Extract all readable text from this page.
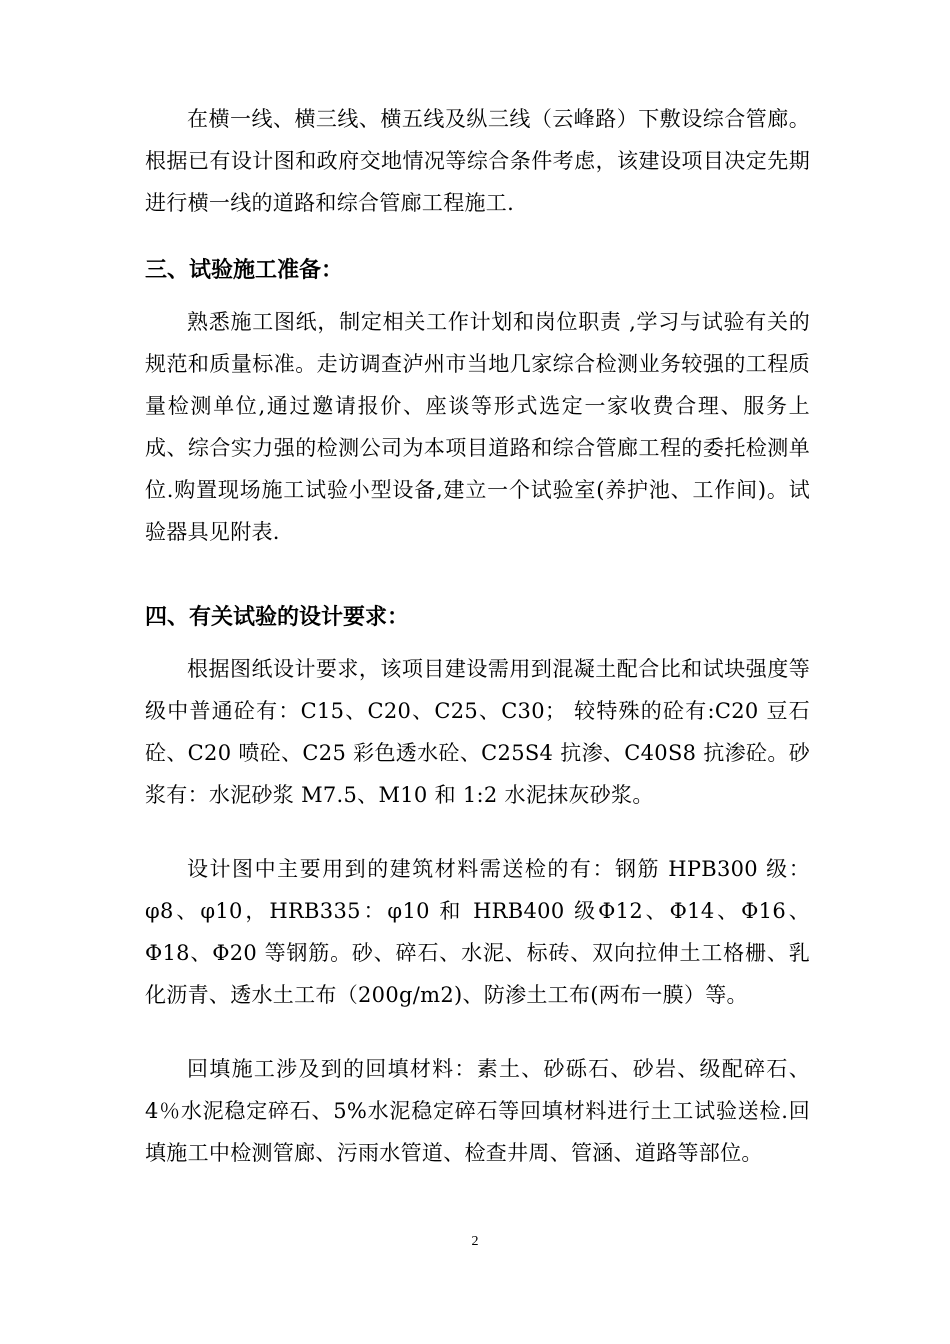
在横一线、横三线、横五线及纵三线（云峰路）下敷设综合管廊。根据已有设计图和政府交地情况等综合条件考虑，该建设项目决定先期进行横一线的道路和综合管廊工程施工.

三、试验施工准备：

熟悉施工图纸，制定相关工作计划和岗位职责 ,学习与试验有关的规范和质量标准。走访调查泸州市当地几家综合检测业务较强的工程质量检测单位,通过邀请报价、座谈等形式选定一家收费合理、服务上成、综合实力强的检测公司为本项目道路和综合管廊工程的委托检测单位.购置现场施工试验小型设备,建立一个试验室(养护池、工作间)。试验器具见附表.

四、有关试验的设计要求：

根据图纸设计要求，该项目建设需用到混凝土配合比和试块强度等级中普通砼有：C15、C20、C25、C30； 较特殊的砼有:C20 豆石砼、C20 喷砼、C25 彩色透水砼、C25S4 抗渗、C40S8 抗渗砼。砂浆有：水泥砂浆 M7.5、M10 和 1:2 水泥抹灰砂浆。

设计图中主要用到的建筑材料需送检的有：钢筋 HPB300 级：φ8、φ10，HRB335：φ10 和 HRB400 级Φ12、Φ14、Φ16、Φ18、Φ20 等钢筋。砂、碎石、水泥、标砖、双向拉伸土工格栅、乳化沥青、透水土工布（200g/m2)、防渗土工布(两布一膜）等。

回填施工涉及到的回填材料：素土、砂砾石、砂岩、级配碎石、4％水泥稳定碎石、5%水泥稳定碎石等回填材料进行土工试验送检.回填施工中检测管廊、污雨水管道、检查井周、管涵、道路等部位。

2
